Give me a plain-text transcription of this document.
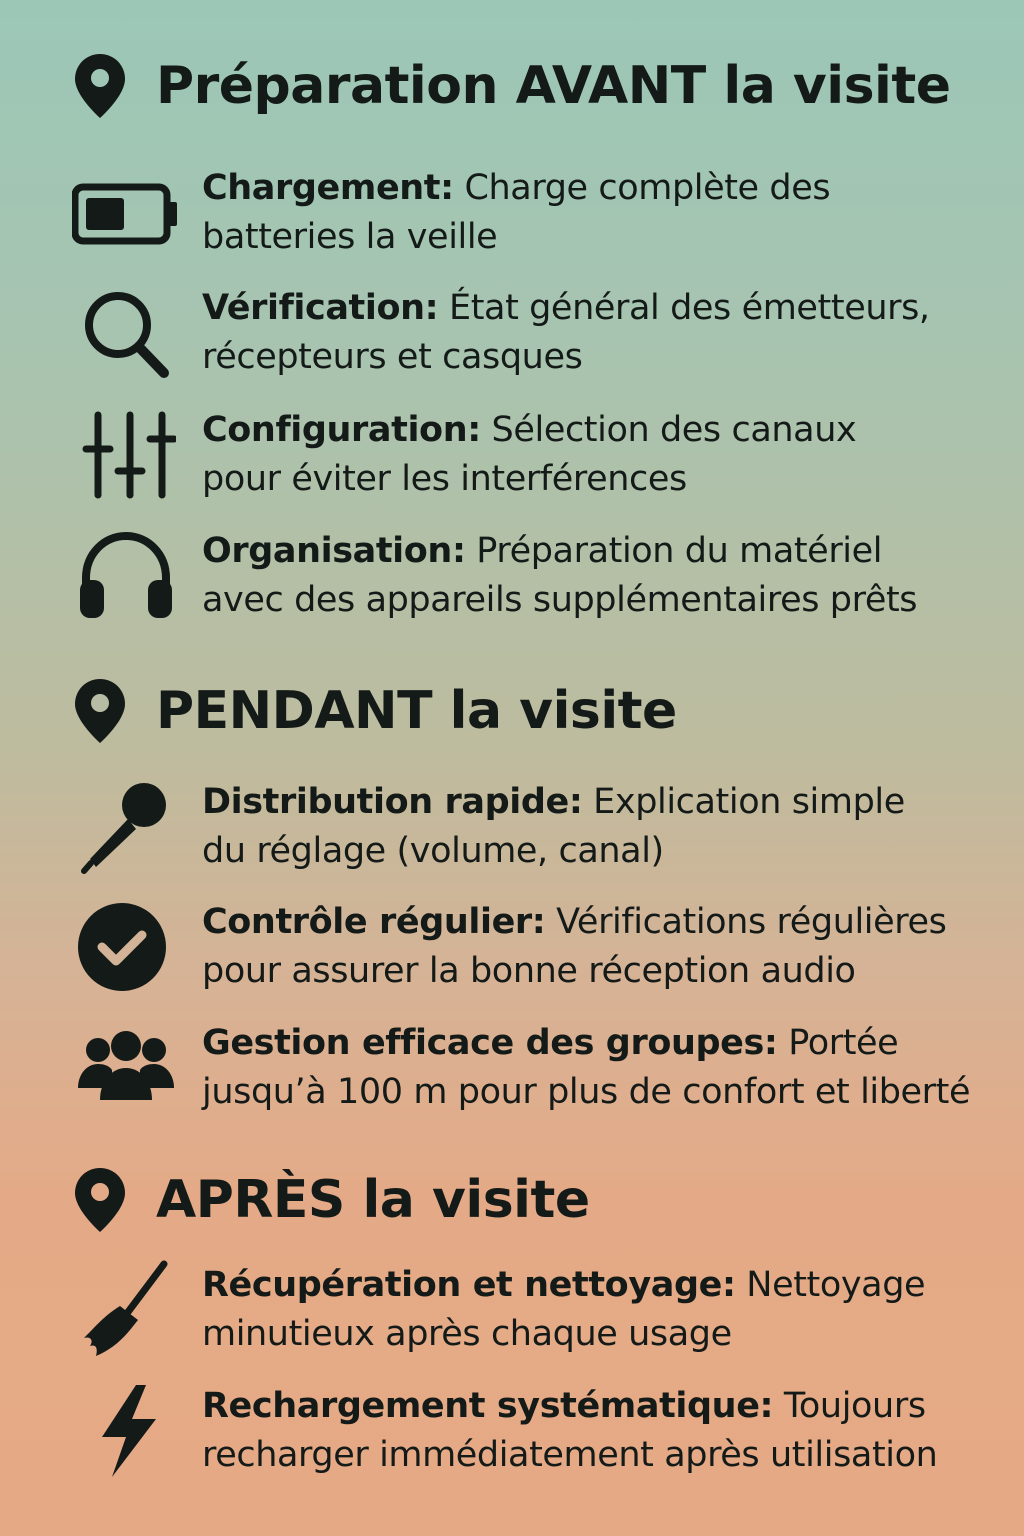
Préparation AVANT la visite
Chargement: Charge complète des
batteries la veille
Vérification: État général des émetteurs,
récepteurs et casques
Configuration: Sélection des canaux
pour éviter les interférences
Organisation: Préparation du matériel
avec des appareils supplémentaires prêts
PENDANT la visite
Distribution rapide: Explication simple
du réglage (volume, canal)
Contrôle régulier: Vérifications régulières
pour assurer la bonne réception audio
Gestion efficace des groupes: Portée
jusqu’à 100 m pour plus de confort et liberté
APRÈS la visite
Récupération et nettoyage: Nettoyage
minutieux après chaque usage
Rechargement systématique: Toujours
recharger immédiatement après utilisation
